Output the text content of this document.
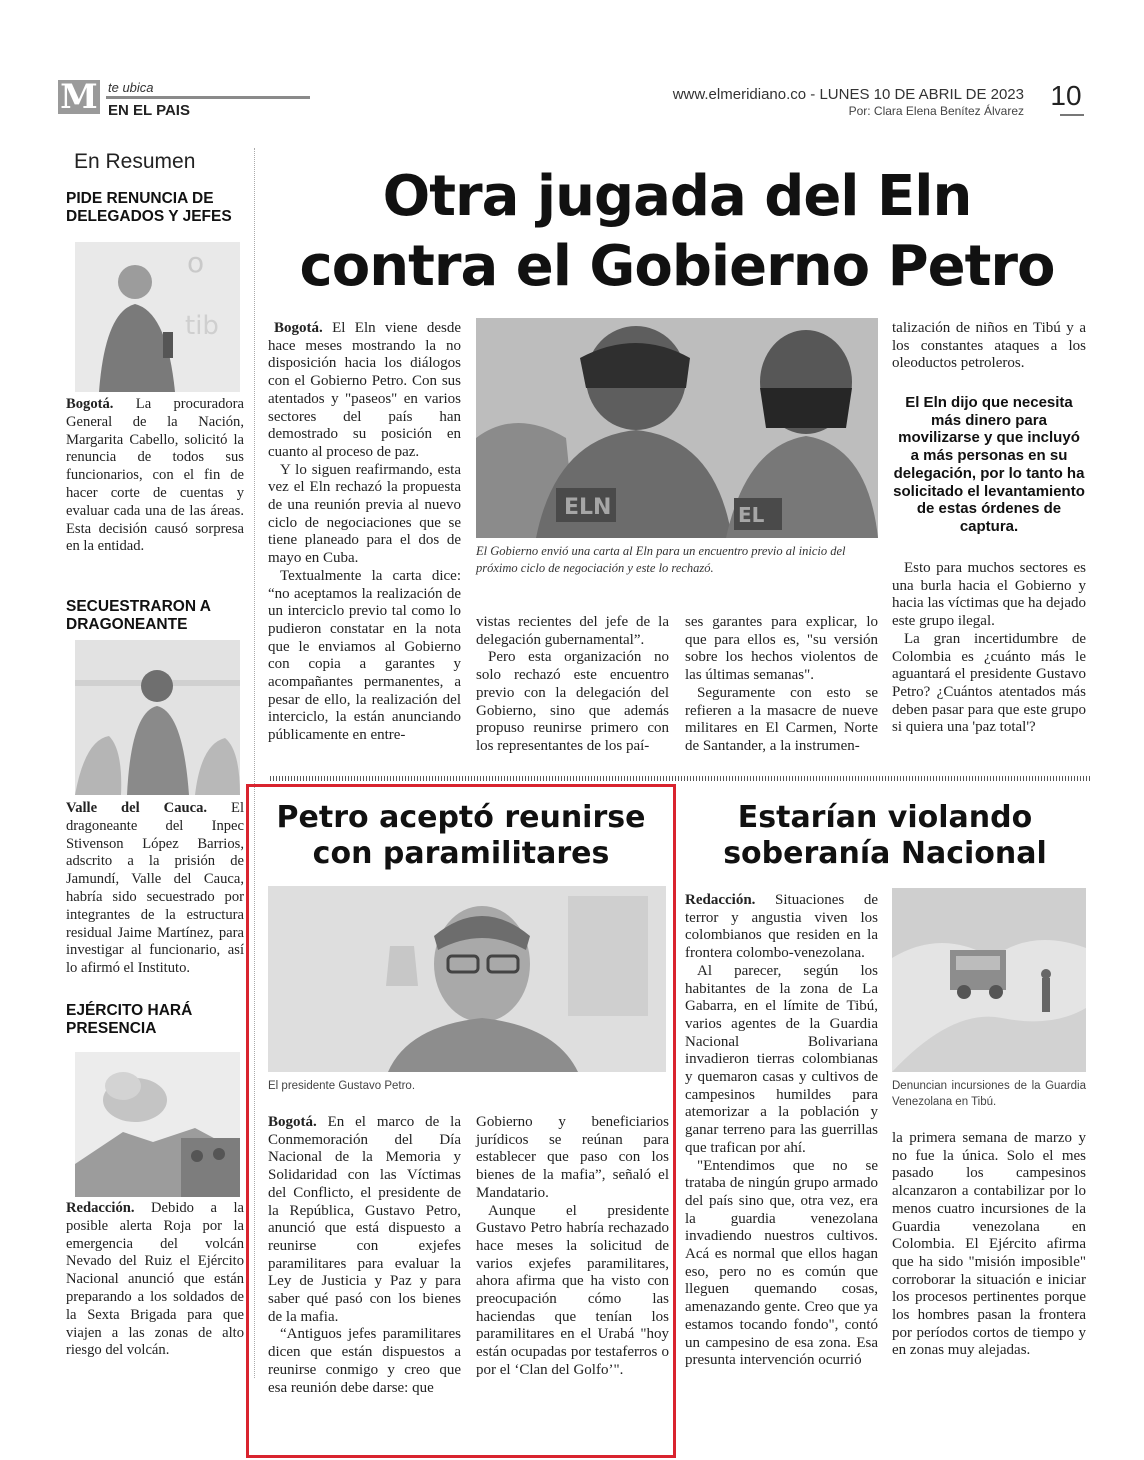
M te ubica
EN EL PAIS
www.elmeridiano.co - LUNES 10 DE ABRIL DE 2023
Por: Clara Elena Benítez Álvarez 10
En Resumen
PIDE RENUNCIA DE DELEGADOS Y JEFES
o
tib
Bogotá. La procuradora General de la Nación, Margarita Cabello, solicitó la renuncia de todos sus funcionarios, con el fin de hacer corte de cuentas y evaluar cada una de las áreas. Esta decisión causó sorpresa en la entidad.
SECUESTRARON A DRAGONEANTE
Valle del Cauca. El dragoneante del Inpec Stivenson López Barrios, adscrito a la prisión de Jamundí, Valle del Cauca, habría sido secuestrado por integrantes de la estructura residual Jaime Martínez, para investigar al funcionario, así lo afirmó el Instituto.
EJÉRCITO HARÁ PRESENCIA
Redacción. Debido a la posible alerta Roja por la emergencia del volcán Nevado del Ruiz el Ejército Nacional anunció que están preparando a los soldados de la Sexta Brigada para que viajen a las zonas de alto riesgo del volcán.
Otra jugada del Eln
contra el Gobierno Petro

Bogotá. El Eln viene desde hace meses mostrando la no disposición hacia los diálogos con el Gobierno Petro. Con sus atentados y "paseos" en varios sectores del país han demostrado su posición en cuanto al proceso de paz.

Y lo siguen reafirmando, esta vez el Eln rechazó la propuesta de una reunión previa al nuevo ciclo de negociaciones que se tiene planeado para el dos de mayo en Cuba.

Textualmente la carta dice: “no aceptamos la realización de un interciclo previo tal como lo pudieron constatar en la nota que le enviamos al Gobierno con copia a garantes y acompañantes permanentes, a pesar de ello, la realización del interciclo, la están anunciando públicamente en entre-

ELN	EL
El Gobierno envió una carta al Eln para un encuentro previo al inicio del próximo ciclo de negociación y este lo rechazó.

vistas recientes del jefe de la delegación gubernamental”.

Pero esta organización no solo rechazó este encuentro previo con la delegación del Gobierno, sino que además propuso reunirse primero con los representantes de los paí-

ses garantes para explicar, lo que para ellos es, "su versión sobre los hechos violentos de las últimas semanas".

Seguramente con esto se refieren a la masacre de nueve militares en El Carmen, Norte de Santander, a la instrumen-

talización de niños en Tibú y a los constantes ataques a los oleoductos petroleros.

El Eln dijo que necesita más dinero para movilizarse y que incluyó a más personas en su delegación, por lo tanto ha solicitado el levantamiento de estas órdenes de captura.

Esto para muchos sectores es una burla hacia el Gobierno y hacia las víctimas que ha dejado este grupo ilegal.

La gran incertidumbre de Colombia es ¿cuánto más le aguantará el presidente Gustavo Petro? ¿Cuántos atentados más deben pasar para que este grupo si quiera una 'paz total'?

Petro aceptó reunirse
con paramilitares
El presidente Gustavo Petro.

Bogotá. En el marco de la Conmemoración del Día Nacional de la Memoria y Solidaridad con las Víctimas del Conflicto, el presidente de la República, Gustavo Petro, anunció que está dispuesto a reunirse con exjefes paramilitares para evaluar la Ley de Justicia y Paz y para saber qué pasó con los bienes de la mafia.

“Antiguos jefes paramilitares dicen que están dispuestos a reunirse conmigo y creo que esa reunión debe darse: que

Gobierno y beneficiarios jurídicos se reúnan para establecer que paso con los bienes de la mafia”, señaló el Mandatario.

Aunque el presidente Gustavo Petro habría rechazado hace meses la solicitud de varios exjefes paramilitares, ahora afirma que ha visto con preocupación cómo las haciendas que tenían los paramilitares en el Urabá "hoy están ocupadas por testaferros o por el ‘Clan del Golfo’".

Estarían violando
soberanía Nacional

Redacción. Situaciones de terror y angustia viven los colombianos que residen en la frontera colombo-venezolana.

Al parecer, según los habitantes de la zona de La Gabarra, en el límite de Tibú, varios agentes de la Guardia Nacional Bolivariana invadieron tierras colombianas y quemaron casas y cultivos de campesinos humildes para atemorizar a la población y ganar terreno para las guerrillas que trafican por ahí.

"Entendimos que no se trataba de ningún grupo armado del país sino que, otra vez, era la guardia venezolana invadiendo nuestros cultivos. Acá es normal que ellos hagan eso, pero no es común que lleguen quemando cosas, amenazando gente. Creo que ya estamos tocando fondo", contó un campesino de esa zona. Esa presunta intervención ocurrió

Denuncian incursiones de la Guardia Venezolana en Tibú.

la primera semana de marzo y no fue la única. Solo el mes pasado los campesinos alcanzaron a contabilizar por lo menos cuatro incursiones de la Guardia venezolana en Colombia. El Ejército afirma que ha sido "misión imposible" corroborar la situación e iniciar los procesos pertinentes porque los hombres pasan la frontera por períodos cortos de tiempo y en zonas muy alejadas.
